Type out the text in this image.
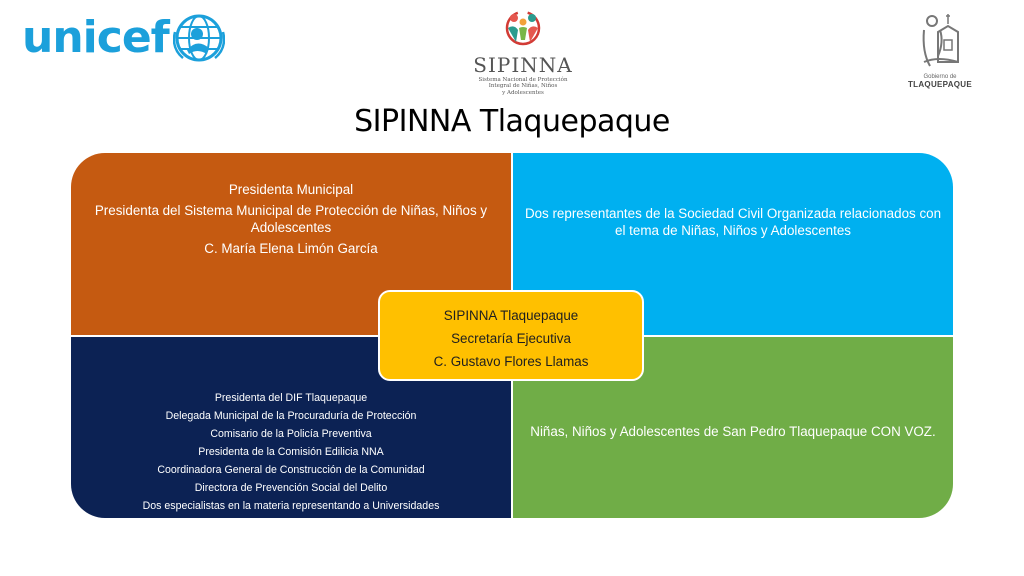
unicef
SIPINNA
Sistema Nacional de Protección
Integral de Niñas, Niños
y Adolescentes
Gobierno de
TLAQUEPAQUE
SIPINNA Tlaquepaque

Presidenta Municipal

Presidenta del Sistema Municipal de Protección de Niñas, Niños y Adolescentes

C. María Elena Limón García

Dos representantes de la Sociedad Civil Organizada relacionados con el tema de Niñas, Niños y Adolescentes

Presidenta del DIF Tlaquepaque

Delegada Municipal de la Procuraduría de Protección

Comisario de la Policía Preventiva

Presidenta de la Comisión Edilicia NNA

Coordinadora General de Construcción de la Comunidad

Directora de Prevención Social del Delito

Dos especialistas en la materia representando a Universidades

Niñas, Niños y Adolescentes de San Pedro Tlaquepaque CON VOZ.

SIPINNA Tlaquepaque

Secretaría Ejecutiva

C. Gustavo Flores Llamas
